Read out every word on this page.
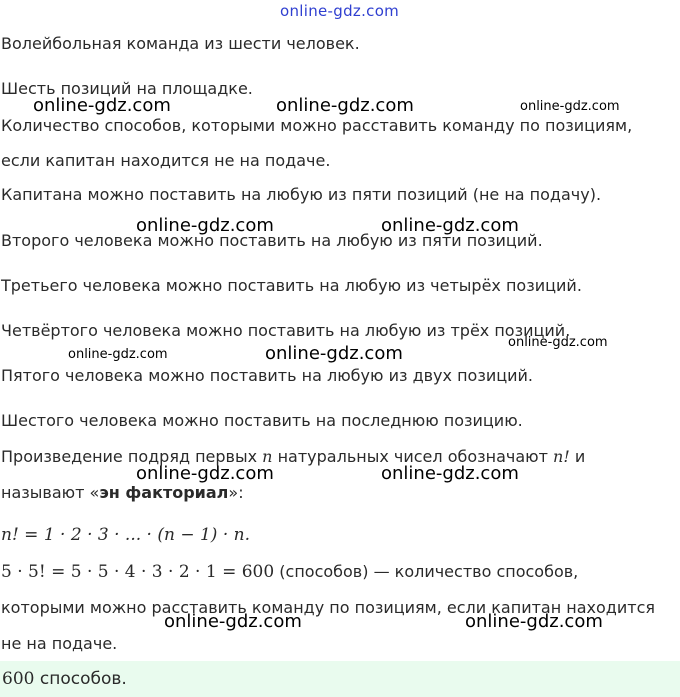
online-gdz.com

Волейбольная команда из шести человек.

Шесть позиций на площадке.

Количество способов, которыми можно расставить команду по позициям,

если капитан находится не на подаче.

Капитана можно поставить на любую из пяти позиций (не на подачу).

Второго человека можно поставить на любую из пяти позиций.

Третьего человека можно поставить на любую из четырёх позиций.

Четвёртого человека можно поставить на любую из трёх позиций.

Пятого человека можно поставить на любую из двух позиций.

Шестого человека можно поставить на последнюю позицию.

Произведение подряд первых n натуральных чисел обозначают n! и

называют «эн факториал»:

n! = 1 · 2 · 3 · ... · (n − 1) · n.

5 · 5! = 5 · 5 · 4 · 3 · 2 · 1 = 600 (способов) — количество способов,

которыми можно расставить команду по позициям, если капитан находится

не на подаче.

600 способов.
online-gdz.com	online-gdz.com	online-gdz.com
online-gdz.com	online-gdz.com
online-gdz.com	online-gdz.com
online-gdz.com
online-gdz.com	online-gdz.com
online-gdz.com	online-gdz.com
